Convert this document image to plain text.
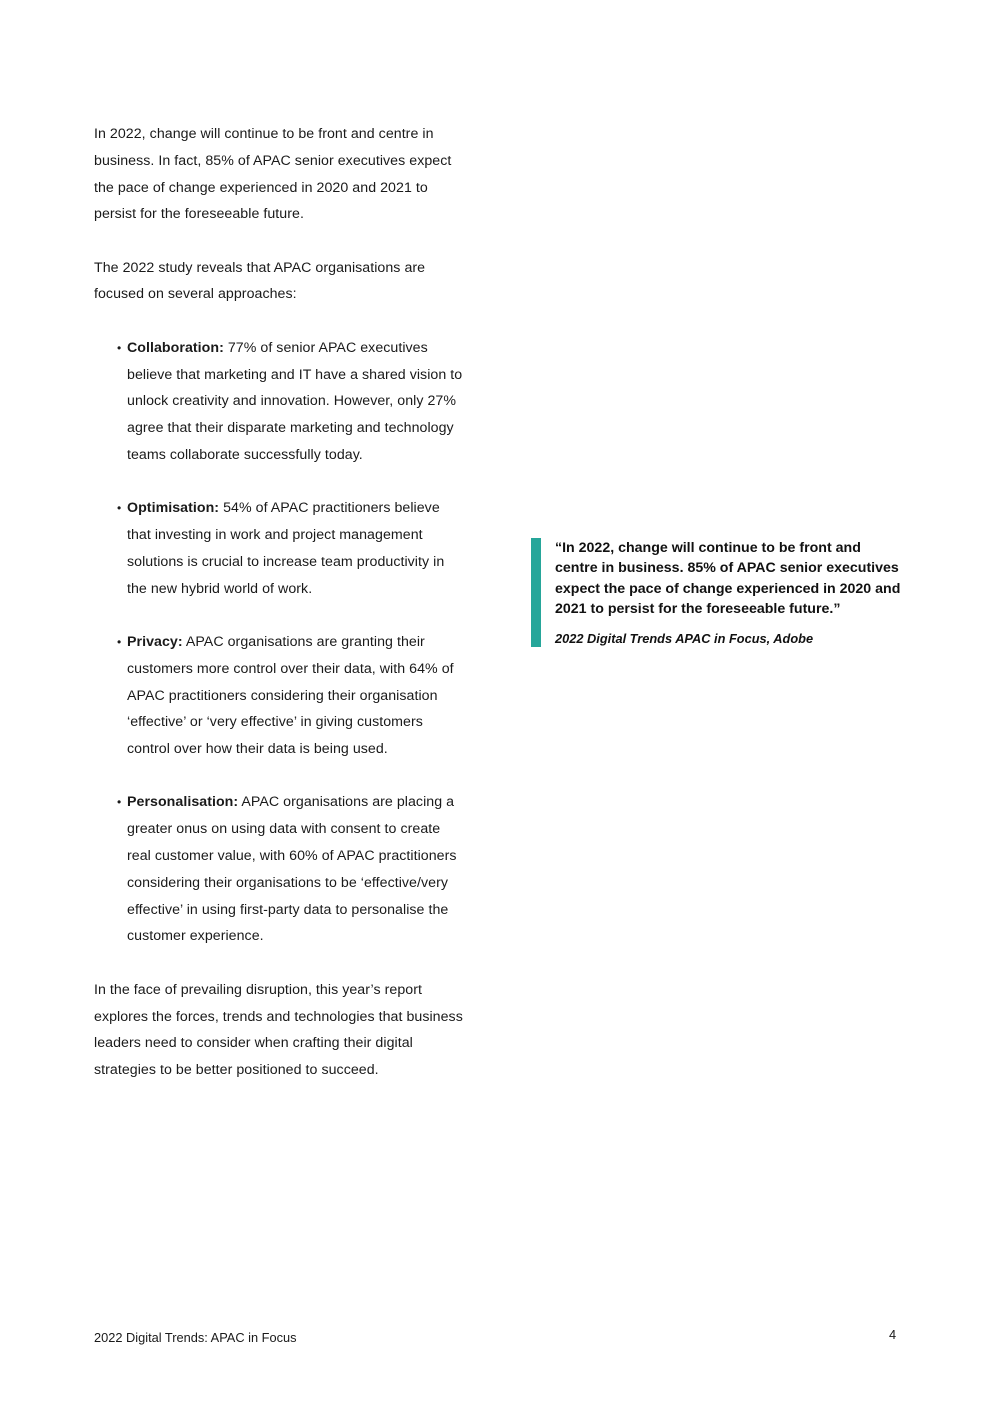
In 2022, change will continue to be front and centre in business. In fact, 85% of APAC senior executives expect the pace of change experienced in 2020 and 2021 to persist for the foreseeable future.

The 2022 study reveals that APAC organisations are focused on several approaches:

• Collaboration: 77% of senior APAC executives believe that marketing and IT have a shared vision to unlock creativity and innovation. However, only 27% agree that their disparate marketing and technology teams collaborate successfully today.
• Optimisation: 54% of APAC practitioners believe that investing in work and project management solutions is crucial to increase team productivity in the new hybrid world of work.
• Privacy: APAC organisations are granting their customers more control over their data, with 64% of APAC practitioners considering their organisation ‘effective’ or ‘very effective’ in giving customers control over how their data is being used.
• Personalisation: APAC organisations are placing a greater onus on using data with consent to create real customer value, with 60% of APAC practitioners considering their organisations to be ‘effective/very effective’ in using first-party data to personalise the customer experience.

In the face of prevailing disruption, this year’s report explores the forces, trends and technologies that business leaders need to consider when crafting their digital strategies to be better positioned to succeed.

“In 2022, change will continue to be front and centre in business. 85% of APAC senior executives expect the pace of change experienced in 2020 and 2021 to persist for the foreseeable future.”

2022 Digital Trends APAC in Focus, Adobe

2022 Digital Trends: APAC in Focus	4
